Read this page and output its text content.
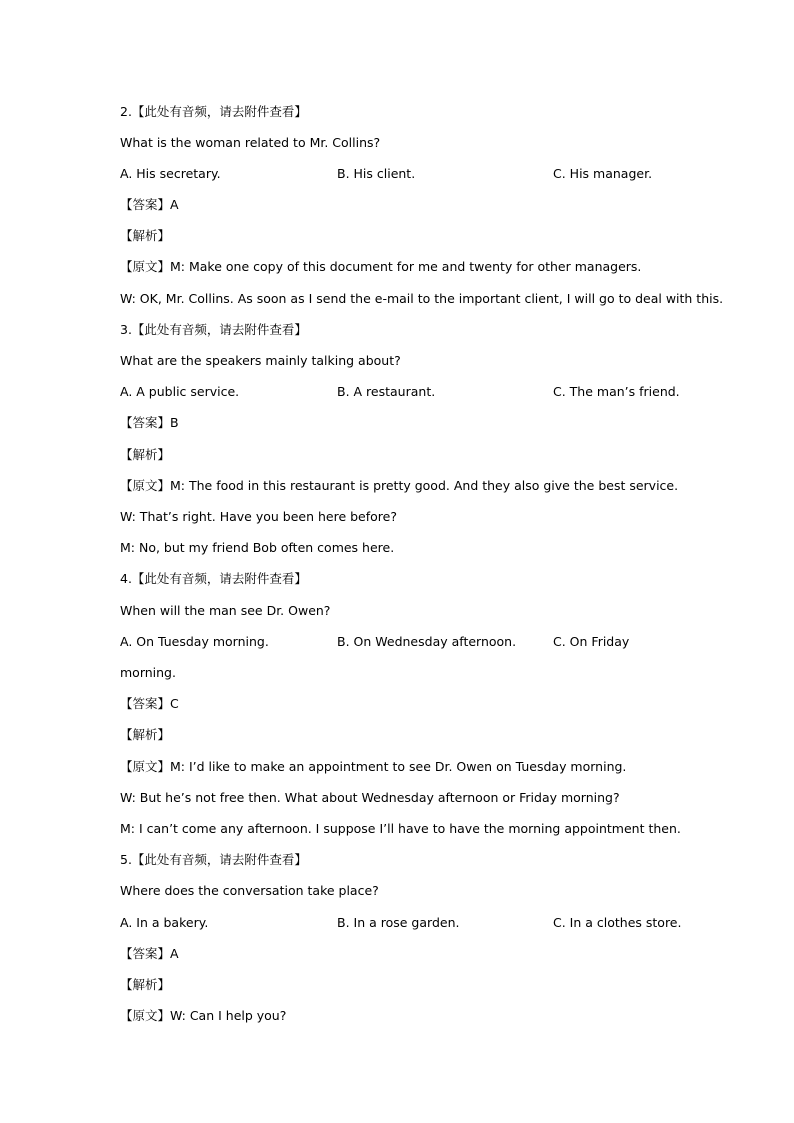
2.【此处有音频，请去附件查看】
What is the woman related to Mr. Collins?
A. His secretary.	B. His client.	C. His manager.
【答案】A
【解析】
【原文】M: Make one copy of this document for me and twenty for other managers.
W: OK, Mr. Collins. As soon as I send the e-mail to the important client, I will go to deal with this.
3.【此处有音频，请去附件查看】
What are the speakers mainly talking about?
A. A public service.	B. A restaurant.	C. The man’s friend.
【答案】B
【解析】
【原文】M: The food in this restaurant is pretty good. And they also give the best service.
W: That’s right. Have you been here before?
M: No, but my friend Bob often comes here.
4.【此处有音频，请去附件查看】
When will the man see Dr. Owen?
A. On Tuesday morning.	B. On Wednesday afternoon.	C. On Friday
morning.
【答案】C
【解析】
【原文】M: I’d like to make an appointment to see Dr. Owen on Tuesday morning.
W: But he’s not free then. What about Wednesday afternoon or Friday morning?
M: I can’t come any afternoon. I suppose I’ll have to have the morning appointment then.
5.【此处有音频，请去附件查看】
Where does the conversation take place?
A. In a bakery.	B. In a rose garden.	C. In a clothes store.
【答案】A
【解析】
【原文】W: Can I help you?
